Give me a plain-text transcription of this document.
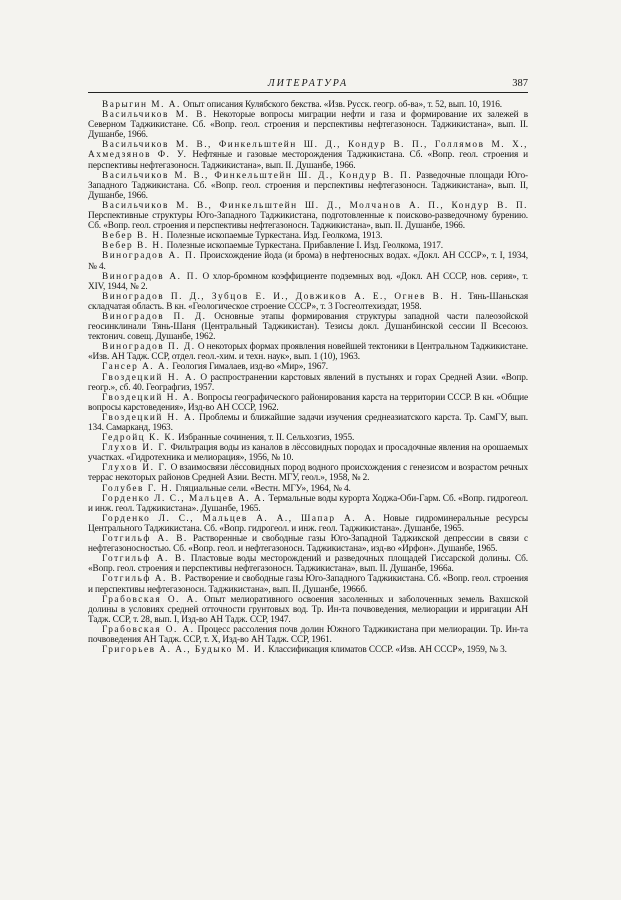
ЛИТЕРАТУРА	387

Варыгин М. А. Опыт описания Кулябского бекства. «Изв. Русск. геогр. об-ва», т. 52, вып. 10, 1916.

Васильчиков М. В. Некоторые вопросы миграции нефти и газа и формирование их залежей в Северном Таджикистане. Сб. «Вопр. геол. строения и перспективы нефтегазоносн. Таджикистана», вып. II. Душанбе, 1966.

Васильчиков М. В., Финкельштейн Ш. Д., Кондур В. П., Голлямов М. Х., Ахмедзянов Ф. У. Нефтяные и газовые месторождения Таджикистана. Сб. «Вопр. геол. строения и перспективы нефтегазоносн. Таджикистана», вып. II. Душанбе, 1966.

Васильчиков М. В., Финкельштейн Ш. Д., Кондур В. П. Разведочные площади Юго-Западного Таджикистана. Сб. «Вопр. геол. строения и перспективы нефтегазоносн. Таджикистана», вып. II, Душанбе, 1966.

Васильчиков М. В., Финкельштейн Ш. Д., Молчанов А. П., Кондур В. П. Перспективные структуры Юго-Западного Таджикистана, подготовленные к поисково-разведочному бурению. Сб. «Вопр. геол. строения и перспективы нефтегазоносн. Таджикистана», вып. II. Душанбе, 1966.

Вебер В. Н. Полезные ископаемые Туркестана. Изд. Геолкома, 1913.

Вебер В. Н. Полезные ископаемые Туркестана. Прибавление I. Изд. Геолкома, 1917.

Виноградов А. П. Происхождение йода (и брома) в нефтеносных водах. «Докл. АН СССР», т. I, 1934, № 4.

Виноградов А. П. О хлор-бромном коэффициенте подземных вод. «Докл. АН СССР, нов. серия», т. XIV, 1944, № 2.

Виноградов П. Д., Зубцов Е. И., Довжиков А. Е., Огнев В. Н. Тянь-Шаньская складчатая область. В кн. «Геологическое строение СССР», т. 3 Госгеолтехиздат, 1958.

Виноградов П. Д. Основные этапы формирования структуры западной части палеозойской геосинклинали Тянь-Шаня (Центральный Таджикистан). Тезисы докл. Душанбинской сессии II Всесоюз. тектонич. совещ. Душанбе, 1962.

Виноградов П. Д. О некоторых формах проявления новейшей тектоники в Центральном Таджикистане. «Изв. АН Тадж. ССР, отдел. геол.-хим. и техн. наук», вып. 1 (10), 1963.

Гансер А. А. Геология Гималаев, изд-во «Мир», 1967.

Гвоздецкий Н. А. О распространении карстовых явлений в пустынях и горах Средней Азии. «Вопр. геогр.», сб. 40. Географгиз, 1957.

Гвоздецкий Н. А. Вопросы географического районирования карста на территории СССР. В кн. «Общие вопросы карстоведения», Изд-во АН СССР, 1962.

Гвоздецкий Н. А. Проблемы и ближайшие задачи изучения среднеазиатского карста. Тр. СамГУ, вып. 134. Самарканд, 1963.

Гедройц К. К. Избранные сочинения, т. II. Сельхозгиз, 1955.

Глухов И. Г. Фильтрация воды из каналов в лёссовидных породах и просадочные явления на орошаемых участках. «Гидротехника и мелиорация», 1956, № 10.

Глухов И. Г. О взаимосвязи лёссовидных пород водного происхождения с генезисом и возрастом речных террас некоторых районов Средней Азии. Вестн. МГУ, геол.», 1958, № 2.

Голубев Г. Н. Гляциальные сели. «Вестн. МГУ», 1964, № 4.

Горденко Л. С., Мальцев А. А. Термальные воды курорта Ходжа-Оби-Гарм. Сб. «Вопр. гидрогеол. и инж. геол. Таджикистана». Душанбе, 1965.

Горденко Л. С., Мальцев А. А., Шапар А. А. Новые гидроминеральные ресурсы Центрального Таджикистана. Сб. «Вопр. гидрогеол. и инж. геол. Таджикистана». Душанбе, 1965.

Готгильф А. В. Растворенные и свободные газы Юго-Западной Таджикской депрессии в связи с нефтегазоносностью. Сб. «Вопр. геол. и нефтегазоносн. Таджикистана», изд-во «Ирфон». Душанбе, 1965.

Готгильф А. В. Пластовые воды месторождений и разведочных площадей Гиссарской долины. Сб. «Вопр. геол. строения и перспективы нефтегазоносн. Таджикистана», вып. II. Душанбе, 1966а.

Готгильф А. В. Растворение и свободные газы Юго-Западного Таджикистана. Сб. «Вопр. геол. строения и перспективы нефтегазоносн. Таджикистана», вып. II. Душанбе, 1966б.

Грабовская О. А. Опыт мелиоративного освоения засоленных и заболоченных земель Вахшской долины в условиях средней отточности грунтовых вод. Тр. Ин-та почвоведения, мелиорации и ирригации АН Тадж. ССР, т. 28, вып. I, Изд-во АН Тадж. ССР, 1947.

Грабовская О. А. Процесс рассоления почв долин Южного Таджикистана при мелиорации. Тр. Ин-та почвоведения АН Тадж. ССР, т. X, Изд-во АН Тадж. ССР, 1961.

Григорьев А. А., Будыко М. И. Классификация климатов СССР. «Изв. АН СССР», 1959, № 3.
